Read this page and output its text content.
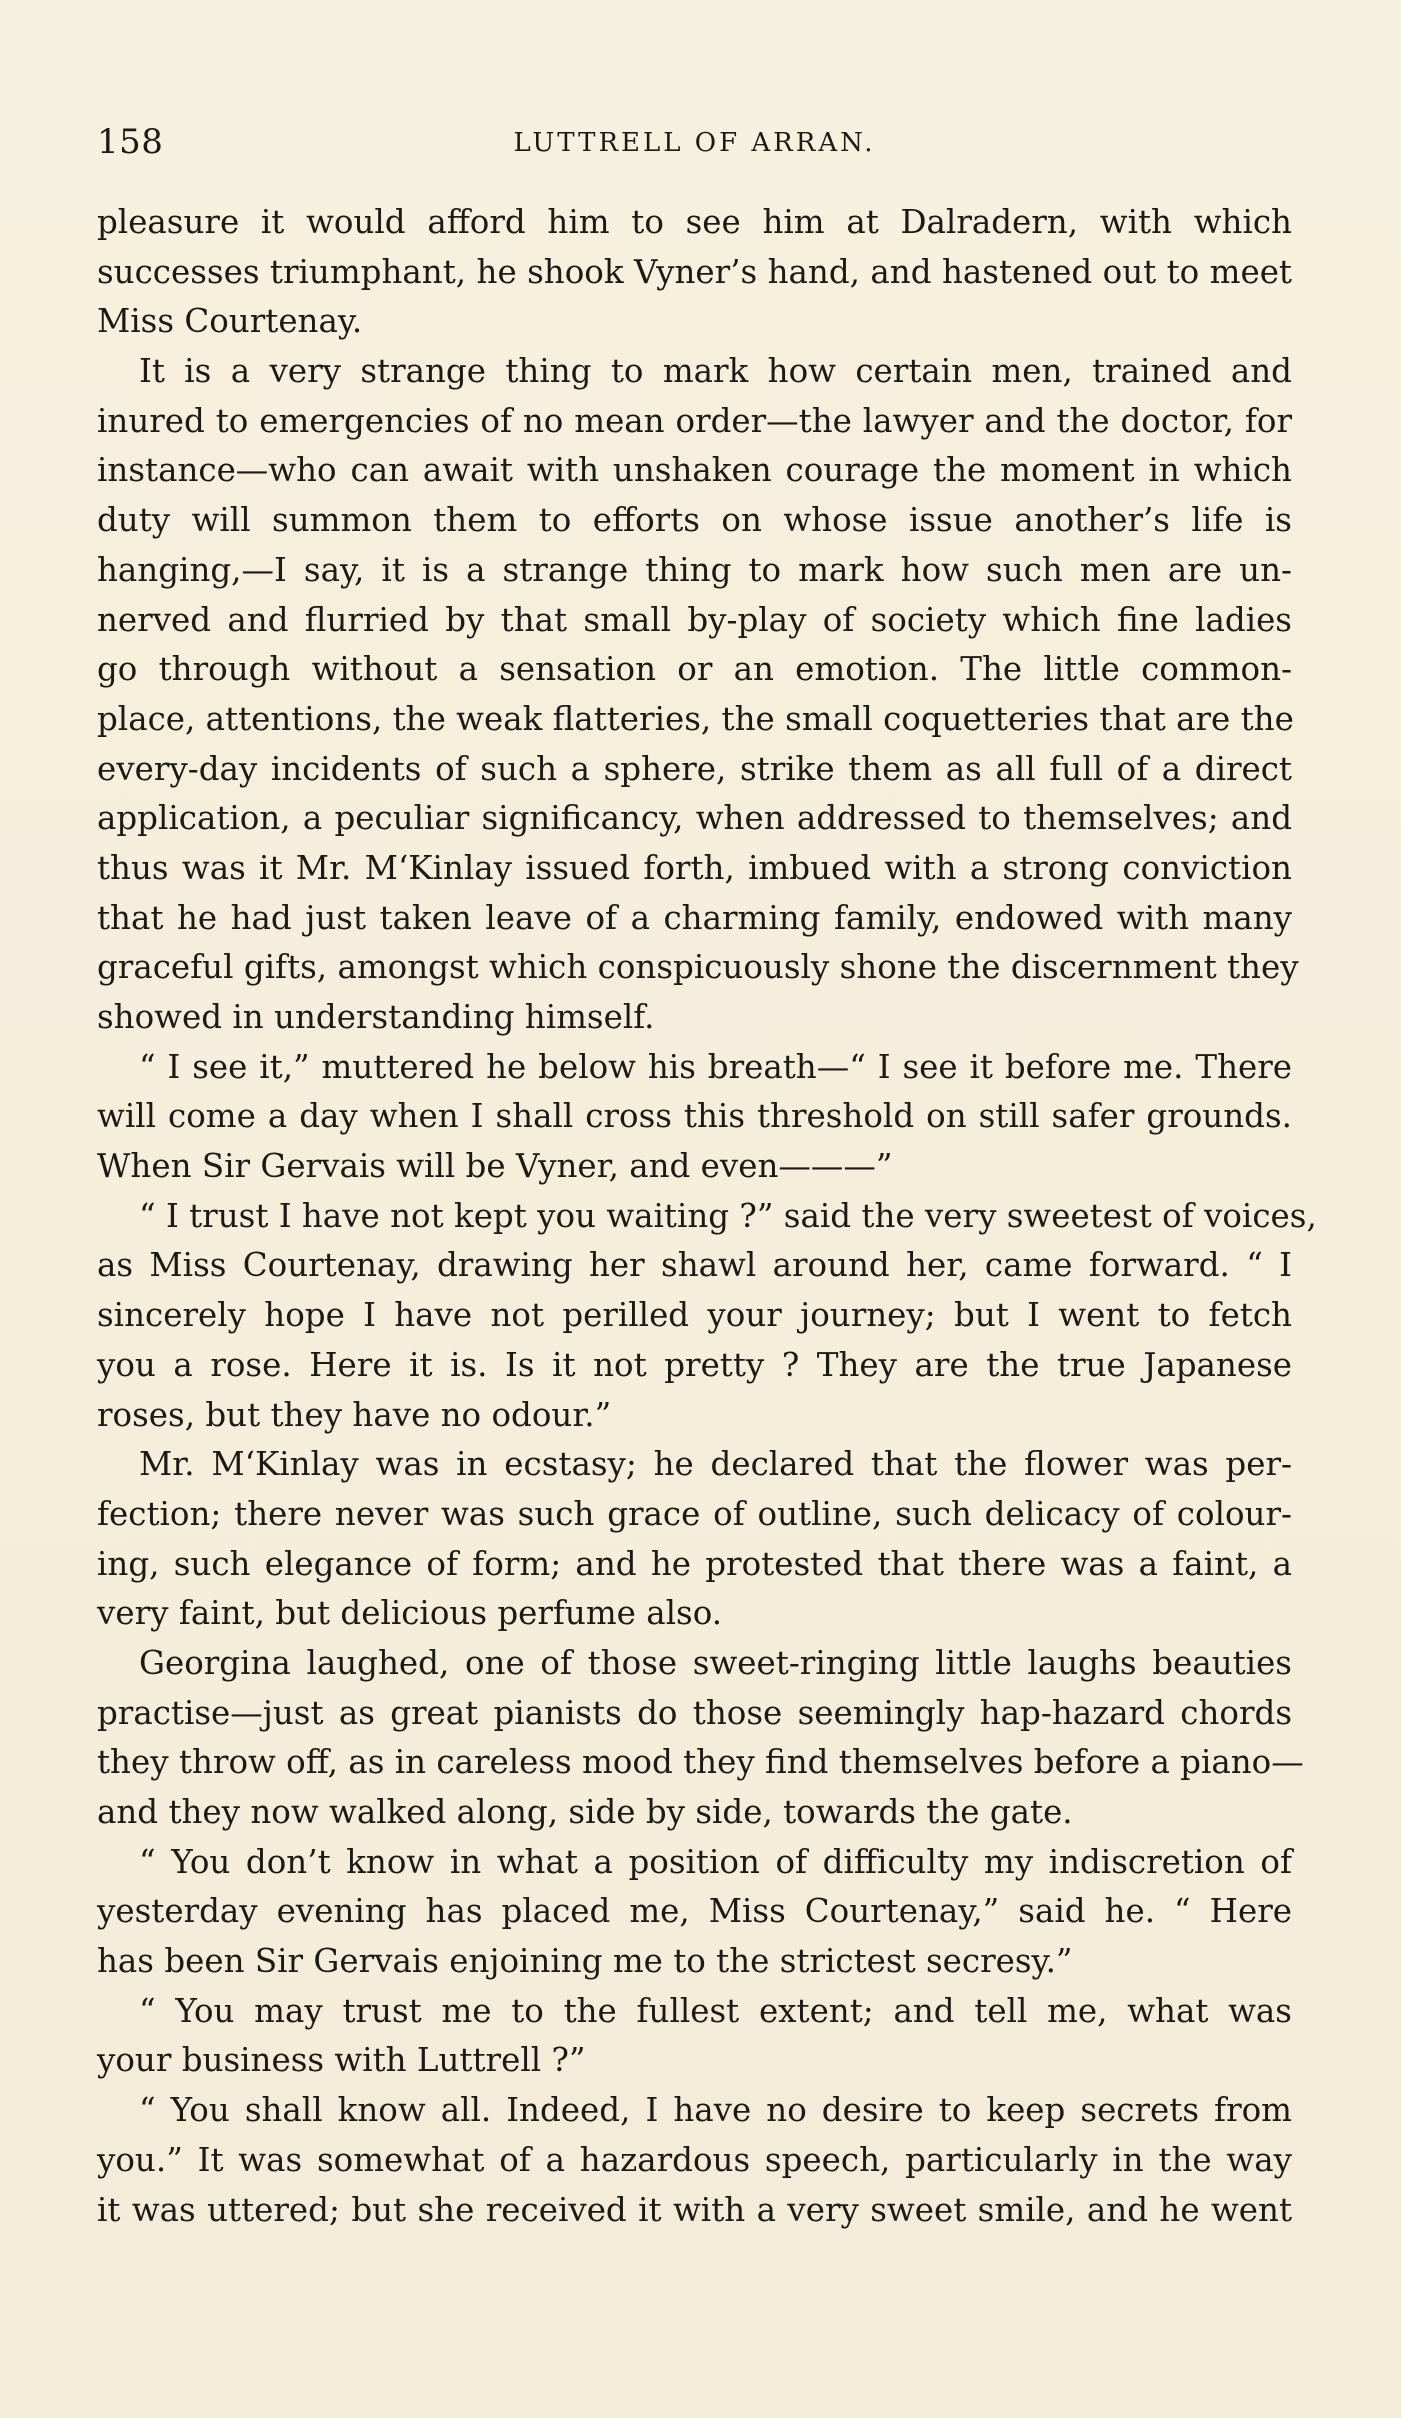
158	LUTTRELL OF ARRAN.
pleasure it would afford him to see him at Dalradern, with which
successes triumphant, he shook Vyner’s hand, and hastened out to meet
Miss Courtenay.
It is a very strange thing to mark how certain men, trained and
inured to emergencies of no mean order—the lawyer and the doctor, for
instance—who can await with unshaken courage the moment in which
duty will summon them to efforts on whose issue another’s life is
hanging,—I say, it is a strange thing to mark how such men are un-
nerved and flurried by that small by-play of society which fine ladies
go through without a sensation or an emotion. The little common-
place, attentions, the weak flatteries, the small coquetteries that are the
every-day incidents of such a sphere, strike them as all full of a direct
application, a peculiar significancy, when addressed to themselves; and
thus was it Mr. M‘Kinlay issued forth, imbued with a strong conviction
that he had just taken leave of a charming family, endowed with many
graceful gifts, amongst which conspicuously shone the discernment they
showed in understanding himself.
“ I see it,” muttered he below his breath—“ I see it before me. There
will come a day when I shall cross this threshold on still safer grounds.
When Sir Gervais will be Vyner, and even———”
“ I trust I have not kept you waiting ?” said the very sweetest of voices,
as Miss Courtenay, drawing her shawl around her, came forward. “ I
sincerely hope I have not perilled your journey; but I went to fetch
you a rose. Here it is. Is it not pretty ? They are the true Japanese
roses, but they have no odour.”
Mr. M‘Kinlay was in ecstasy; he declared that the flower was per-
fection; there never was such grace of outline, such delicacy of colour-
ing, such elegance of form; and he protested that there was a faint, a
very faint, but delicious perfume also.
Georgina laughed, one of those sweet-ringing little laughs beauties
practise—just as great pianists do those seemingly hap-hazard chords
they throw off, as in careless mood they find themselves before a piano—
and they now walked along, side by side, towards the gate.
“ You don’t know in what a position of difficulty my indiscretion of
yesterday evening has placed me, Miss Courtenay,” said he. “ Here
has been Sir Gervais enjoining me to the strictest secresy.”
“ You may trust me to the fullest extent; and tell me, what was
your business with Luttrell ?”
“ You shall know all. Indeed, I have no desire to keep secrets from
you.” It was somewhat of a hazardous speech, particularly in the way
it was uttered; but she received it with a very sweet smile, and he went
